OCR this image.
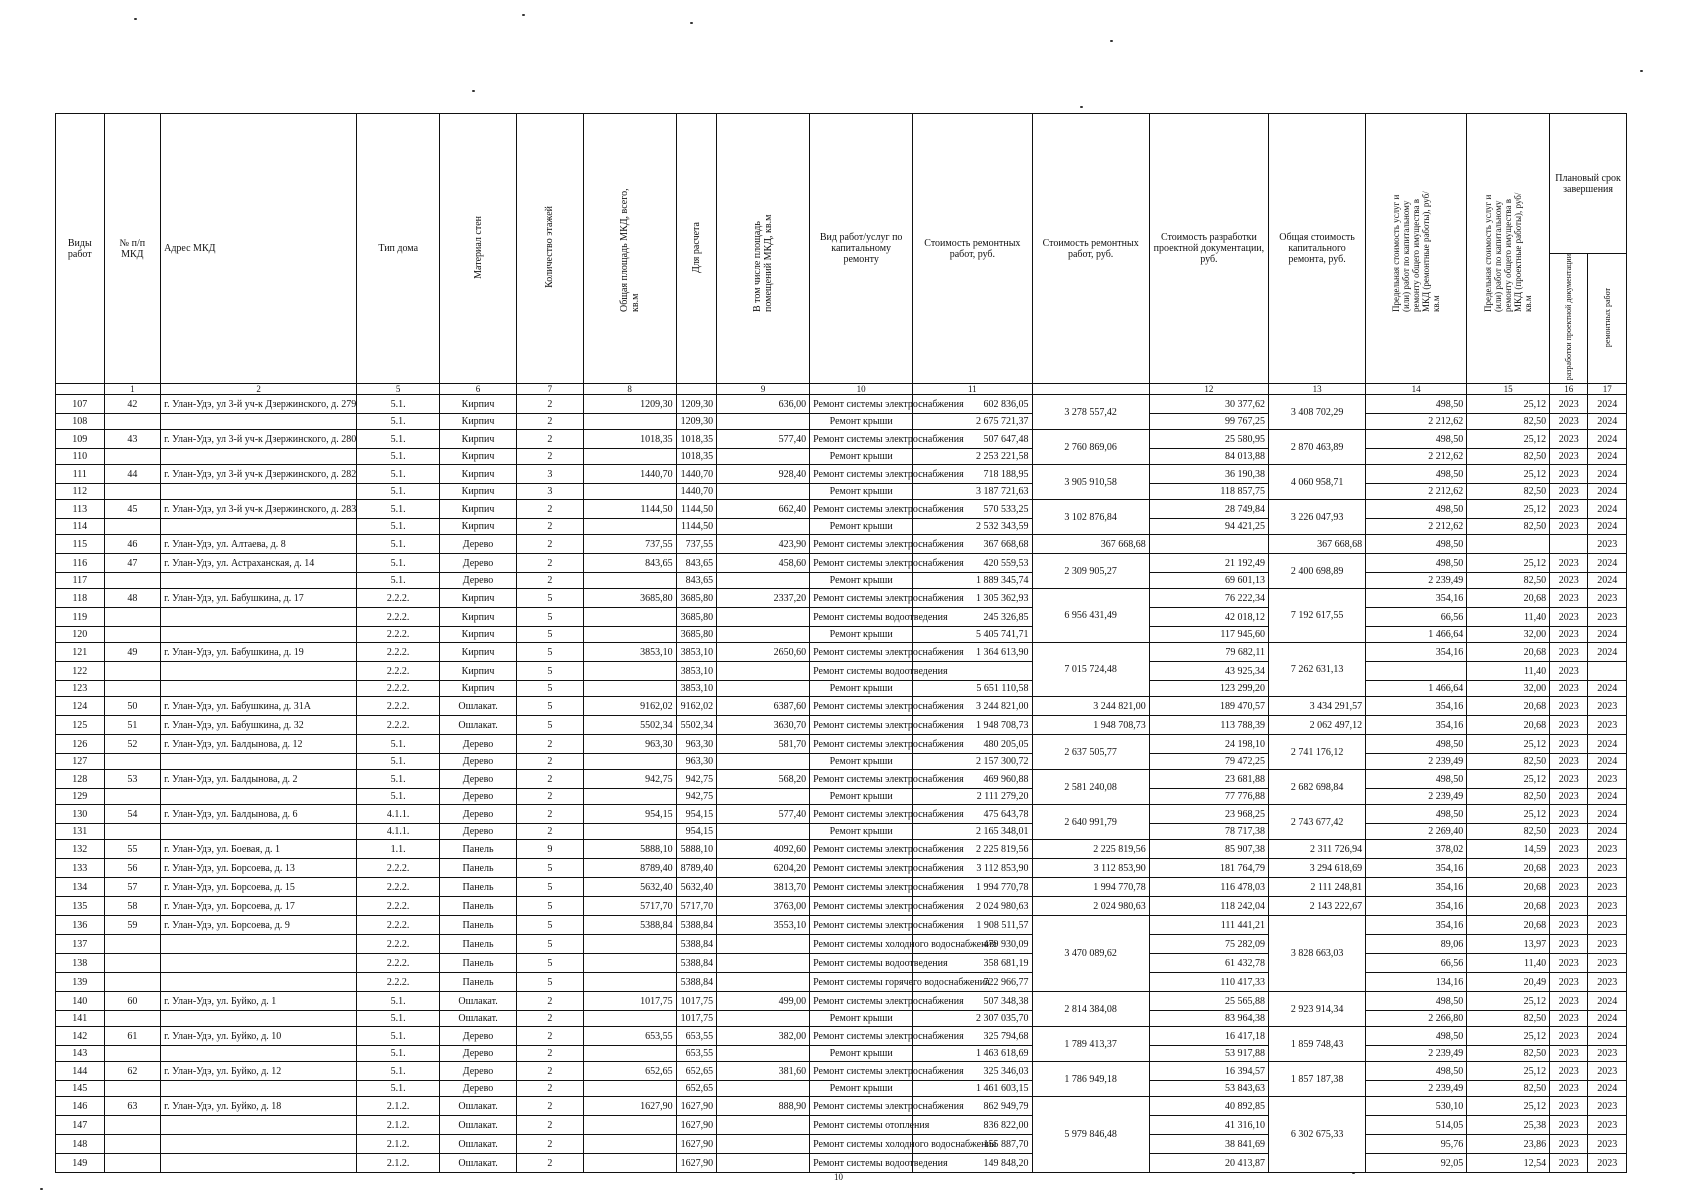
Виды работ	№ п/п МКД	Адрес МКД	Тип дома	Материал стен	Количество этажей	Общая площадь МКД, всего, кв.м	Для расчета	В том числе площадь помещений МКД, кв.м	Вид работ/услуг по капитальному ремонту	Стоимость ремонтных работ, руб.	Стоимость ремонтных работ, руб.	Стоимость разработки проектной документации, руб.	Общая стоимость капитального ремонта, руб.	Предельная стоимость услуг и (или) работ по капитальному ремонту общего имущества в МКД (ремонтные работы), руб/кв.м	Предельная стоимость услуг и (или) работ по капитальному ремонту общего имущества в МКД (проектные работы), руб/кв.м	Плановый срок завершения	
																разработки проектной документации	ремонтных работ
	1	2	5	6	7	8		9	10	11		12	13	14	15	16	17
107	42	г. Улан-Удэ, ул 3-й уч-к Дзержинского, д. 279	5.1.	Кирпич	2	1209,30	1209,30	636,00	Ремонт системы электроснабжения	602 836,05	3 278 557,42	30 377,62	3 408 702,29	498,50	25,12	2023	2024
108			5.1.	Кирпич	2		1209,30		Ремонт крыши	2 675 721,37		99 767,25		2 212,62	82,50	2023	2024
109	43	г. Улан-Удэ, ул 3-й уч-к Дзержинского, д. 280	5.1.	Кирпич	2	1018,35	1018,35	577,40	Ремонт системы электроснабжения	507 647,48	2 760 869,06	25 580,95	2 870 463,89	498,50	25,12	2023	2024
110			5.1.	Кирпич	2		1018,35		Ремонт крыши	2 253 221,58		84 013,88		2 212,62	82,50	2023	2024
111	44	г. Улан-Удэ, ул 3-й уч-к Дзержинского, д. 282	5.1.	Кирпич	3	1440,70	1440,70	928,40	Ремонт системы электроснабжения	718 188,95	3 905 910,58	36 190,38	4 060 958,71	498,50	25,12	2023	2024
112			5.1.	Кирпич	3		1440,70		Ремонт крыши	3 187 721,63		118 857,75		2 212,62	82,50	2023	2024
113	45	г. Улан-Удэ, ул 3-й уч-к Дзержинского, д. 283	5.1.	Кирпич	2	1144,50	1144,50	662,40	Ремонт системы электроснабжения	570 533,25	3 102 876,84	28 749,84	3 226 047,93	498,50	25,12	2023	2024
114			5.1.	Кирпич	2		1144,50		Ремонт крыши	2 532 343,59		94 421,25		2 212,62	82,50	2023	2024
115	46	г. Улан-Удэ, ул. Алтаева, д. 8	5.1.	Дерево	2	737,55	737,55	423,90	Ремонт системы электроснабжения	367 668,68	367 668,68		367 668,68	498,50			2023
116	47	г. Улан-Удэ, ул. Астраханская, д. 14	5.1.	Дерево	2	843,65	843,65	458,60	Ремонт системы электроснабжения	420 559,53	2 309 905,27	21 192,49	2 400 698,89	498,50	25,12	2023	2024
117			5.1.	Дерево	2		843,65		Ремонт крыши	1 889 345,74		69 601,13		2 239,49	82,50	2023	2024
118	48	г. Улан-Удэ, ул. Бабушкина, д. 17	2.2.2.	Кирпич	5	3685,80	3685,80	2337,20	Ремонт системы электроснабжения	1 305 362,93	6 956 431,49	76 222,34	7 192 617,55	354,16	20,68	2023	2023
119			2.2.2.	Кирпич	5		3685,80		Ремонт системы водоотведения	245 326,85		42 018,12		66,56	11,40	2023	2023
120			2.2.2.	Кирпич	5		3685,80		Ремонт крыши	5 405 741,71		117 945,60		1 466,64	32,00	2023	2024
121	49	г. Улан-Удэ, ул. Бабушкина, д. 19	2.2.2.	Кирпич	5	3853,10	3853,10	2650,60	Ремонт системы электроснабжения	1 364 613,90	7 015 724,48	79 682,11	7 262 631,13	354,16	20,68	2023	2024
122			2.2.2.	Кирпич	5		3853,10		Ремонт системы водоотведения			43 925,34			11,40	2023	
123			2.2.2.	Кирпич	5		3853,10		Ремонт крыши	5 651 110,58		123 299,20		1 466,64	32,00	2023	2024
124	50	г. Улан-Удэ, ул. Бабушкина, д. 31А	2.2.2.	Ошлакат.	5	9162,02	9162,02	6387,60	Ремонт системы электроснабжения	3 244 821,00	3 244 821,00	189 470,57	3 434 291,57	354,16	20,68	2023	2023
125	51	г. Улан-Удэ, ул. Бабушкина, д. 32	2.2.2.	Ошлакат.	5	5502,34	5502,34	3630,70	Ремонт системы электроснабжения	1 948 708,73	1 948 708,73	113 788,39	2 062 497,12	354,16	20,68	2023	2023
126	52	г. Улан-Удэ, ул. Балдынова, д. 12	5.1.	Дерево	2	963,30	963,30	581,70	Ремонт системы электроснабжения	480 205,05	2 637 505,77	24 198,10	2 741 176,12	498,50	25,12	2023	2024
127			5.1.	Дерево	2		963,30		Ремонт крыши	2 157 300,72		79 472,25		2 239,49	82,50	2023	2024
128	53	г. Улан-Удэ, ул. Балдынова, д. 2	5.1.	Дерево	2	942,75	942,75	568,20	Ремонт системы электроснабжения	469 960,88	2 581 240,08	23 681,88	2 682 698,84	498,50	25,12	2023	2023
129			5.1.	Дерево	2		942,75		Ремонт крыши	2 111 279,20		77 776,88		2 239,49	82,50	2023	2024
130	54	г. Улан-Удэ, ул. Балдынова, д. 6	4.1.1.	Дерево	2	954,15	954,15	577,40	Ремонт системы электроснабжения	475 643,78	2 640 991,79	23 968,25	2 743 677,42	498,50	25,12	2023	2024
131			4.1.1.	Дерево	2		954,15		Ремонт крыши	2 165 348,01		78 717,38		2 269,40	82,50	2023	2024
132	55	г. Улан-Удэ, ул. Боевая, д. 1	1.1.	Панель	9	5888,10	5888,10	4092,60	Ремонт системы электроснабжения	2 225 819,56	2 225 819,56	85 907,38	2 311 726,94	378,02	14,59	2023	2023
133	56	г. Улан-Удэ, ул. Борсоева, д. 13	2.2.2.	Панель	5	8789,40	8789,40	6204,20	Ремонт системы электроснабжения	3 112 853,90	3 112 853,90	181 764,79	3 294 618,69	354,16	20,68	2023	2023
134	57	г. Улан-Удэ, ул. Борсоева, д. 15	2.2.2.	Панель	5	5632,40	5632,40	3813,70	Ремонт системы электроснабжения	1 994 770,78	1 994 770,78	116 478,03	2 111 248,81	354,16	20,68	2023	2023
135	58	г. Улан-Удэ, ул. Борсоева, д. 17	2.2.2.	Панель	5	5717,70	5717,70	3763,00	Ремонт системы электроснабжения	2 024 980,63	2 024 980,63	118 242,04	2 143 222,67	354,16	20,68	2023	2023
136	59	г. Улан-Удэ, ул. Борсоева, д. 9	2.2.2.	Панель	5	5388,84	5388,84	3553,10	Ремонт системы электроснабжения	1 908 511,57	3 470 089,62	111 441,21	3 828 663,03	354,16	20,68	2023	2023
137			2.2.2.	Панель	5		5388,84		Ремонт системы холодного водоснабжения	479 930,09		75 282,09		89,06	13,97	2023	2023
138			2.2.2.	Панель	5		5388,84		Ремонт системы водоотведения	358 681,19		61 432,78		66,56	11,40	2023	2023
139			2.2.2.	Панель	5		5388,84		Ремонт системы горячего водоснабжения	722 966,77		110 417,33		134,16	20,49	2023	2023
140	60	г. Улан-Удэ, ул. Буйко, д. 1	5.1.	Ошлакат.	2	1017,75	1017,75	499,00	Ремонт системы электроснабжения	507 348,38	2 814 384,08	25 565,88	2 923 914,34	498,50	25,12	2023	2024
141			5.1.	Ошлакат.	2		1017,75		Ремонт крыши	2 307 035,70		83 964,38		2 266,80	82,50	2023	2024
142	61	г. Улан-Удэ, ул. Буйко, д. 10	5.1.	Дерево	2	653,55	653,55	382,00	Ремонт системы электроснабжения	325 794,68	1 789 413,37	16 417,18	1 859 748,43	498,50	25,12	2023	2024
143			5.1.	Дерево	2		653,55		Ремонт крыши	1 463 618,69		53 917,88		2 239,49	82,50	2023	2023
144	62	г. Улан-Удэ, ул. Буйко, д. 12	5.1.	Дерево	2	652,65	652,65	381,60	Ремонт системы электроснабжения	325 346,03	1 786 949,18	16 394,57	1 857 187,38	498,50	25,12	2023	2023
145			5.1.	Дерево	2		652,65		Ремонт крыши	1 461 603,15		53 843,63		2 239,49	82,50	2023	2024
146	63	г. Улан-Удэ, ул. Буйко, д. 18	2.1.2.	Ошлакат.	2	1627,90	1627,90	888,90	Ремонт системы электроснабжения	862 949,79	5 979 846,48	40 892,85	6 302 675,33	530,10	25,12	2023	2023
147			2.1.2.	Ошлакат.	2		1627,90		Ремонт системы отопления	836 822,00		41 316,10		514,05	25,38	2023	2023
148			2.1.2.	Ошлакат.	2		1627,90		Ремонт системы холодного водоснабжения	155 887,70		38 841,69		95,76	23,86	2023	2023
149			2.1.2.	Ошлакат.	2		1627,90		Ремонт системы водоотведения	149 848,20		20 413,87		92,05	12,54	2023	2023
10
